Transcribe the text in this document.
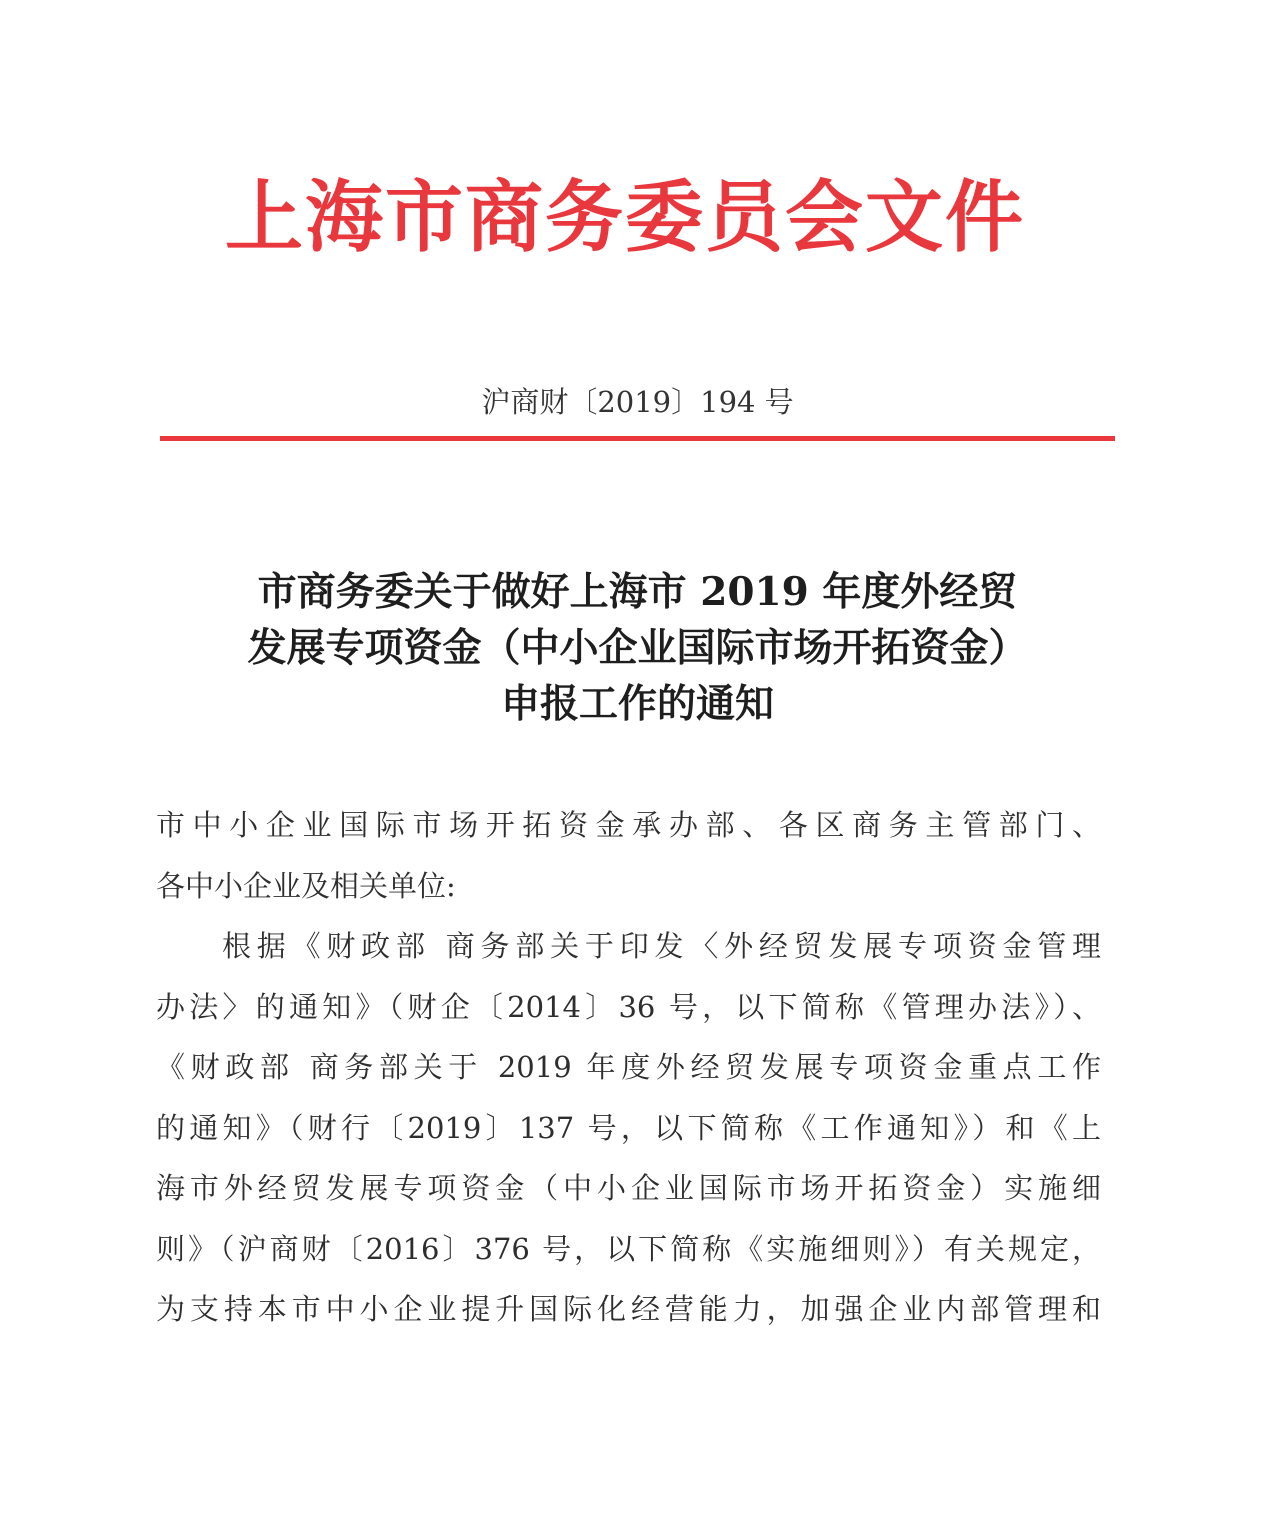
上海市商务委员会文件
沪商财〔2019〕194 号
市商务委关于做好上海市 2019 年度外经贸
发展专项资金（中小企业国际市场开拓资金）
申报工作的通知
市中小企业国际市场开拓资金承办部、各区商务主管部门、
各中小企业及相关单位:
根据《财政部 商务部关于印发〈外经贸发展专项资金管理
办法〉的通知》（财企〔2014〕36 号，以下简称《管理办法》）、
《财政部 商务部关于 2019 年度外经贸发展专项资金重点工作
的通知》（财行〔2019〕137 号，以下简称《工作通知》）和《上
海市外经贸发展专项资金（中小企业国际市场开拓资金）实施细
则》（沪商财〔2016〕376 号，以下简称《实施细则》）有关规定，
为支持本市中小企业提升国际化经营能力，加强企业内部管理和
